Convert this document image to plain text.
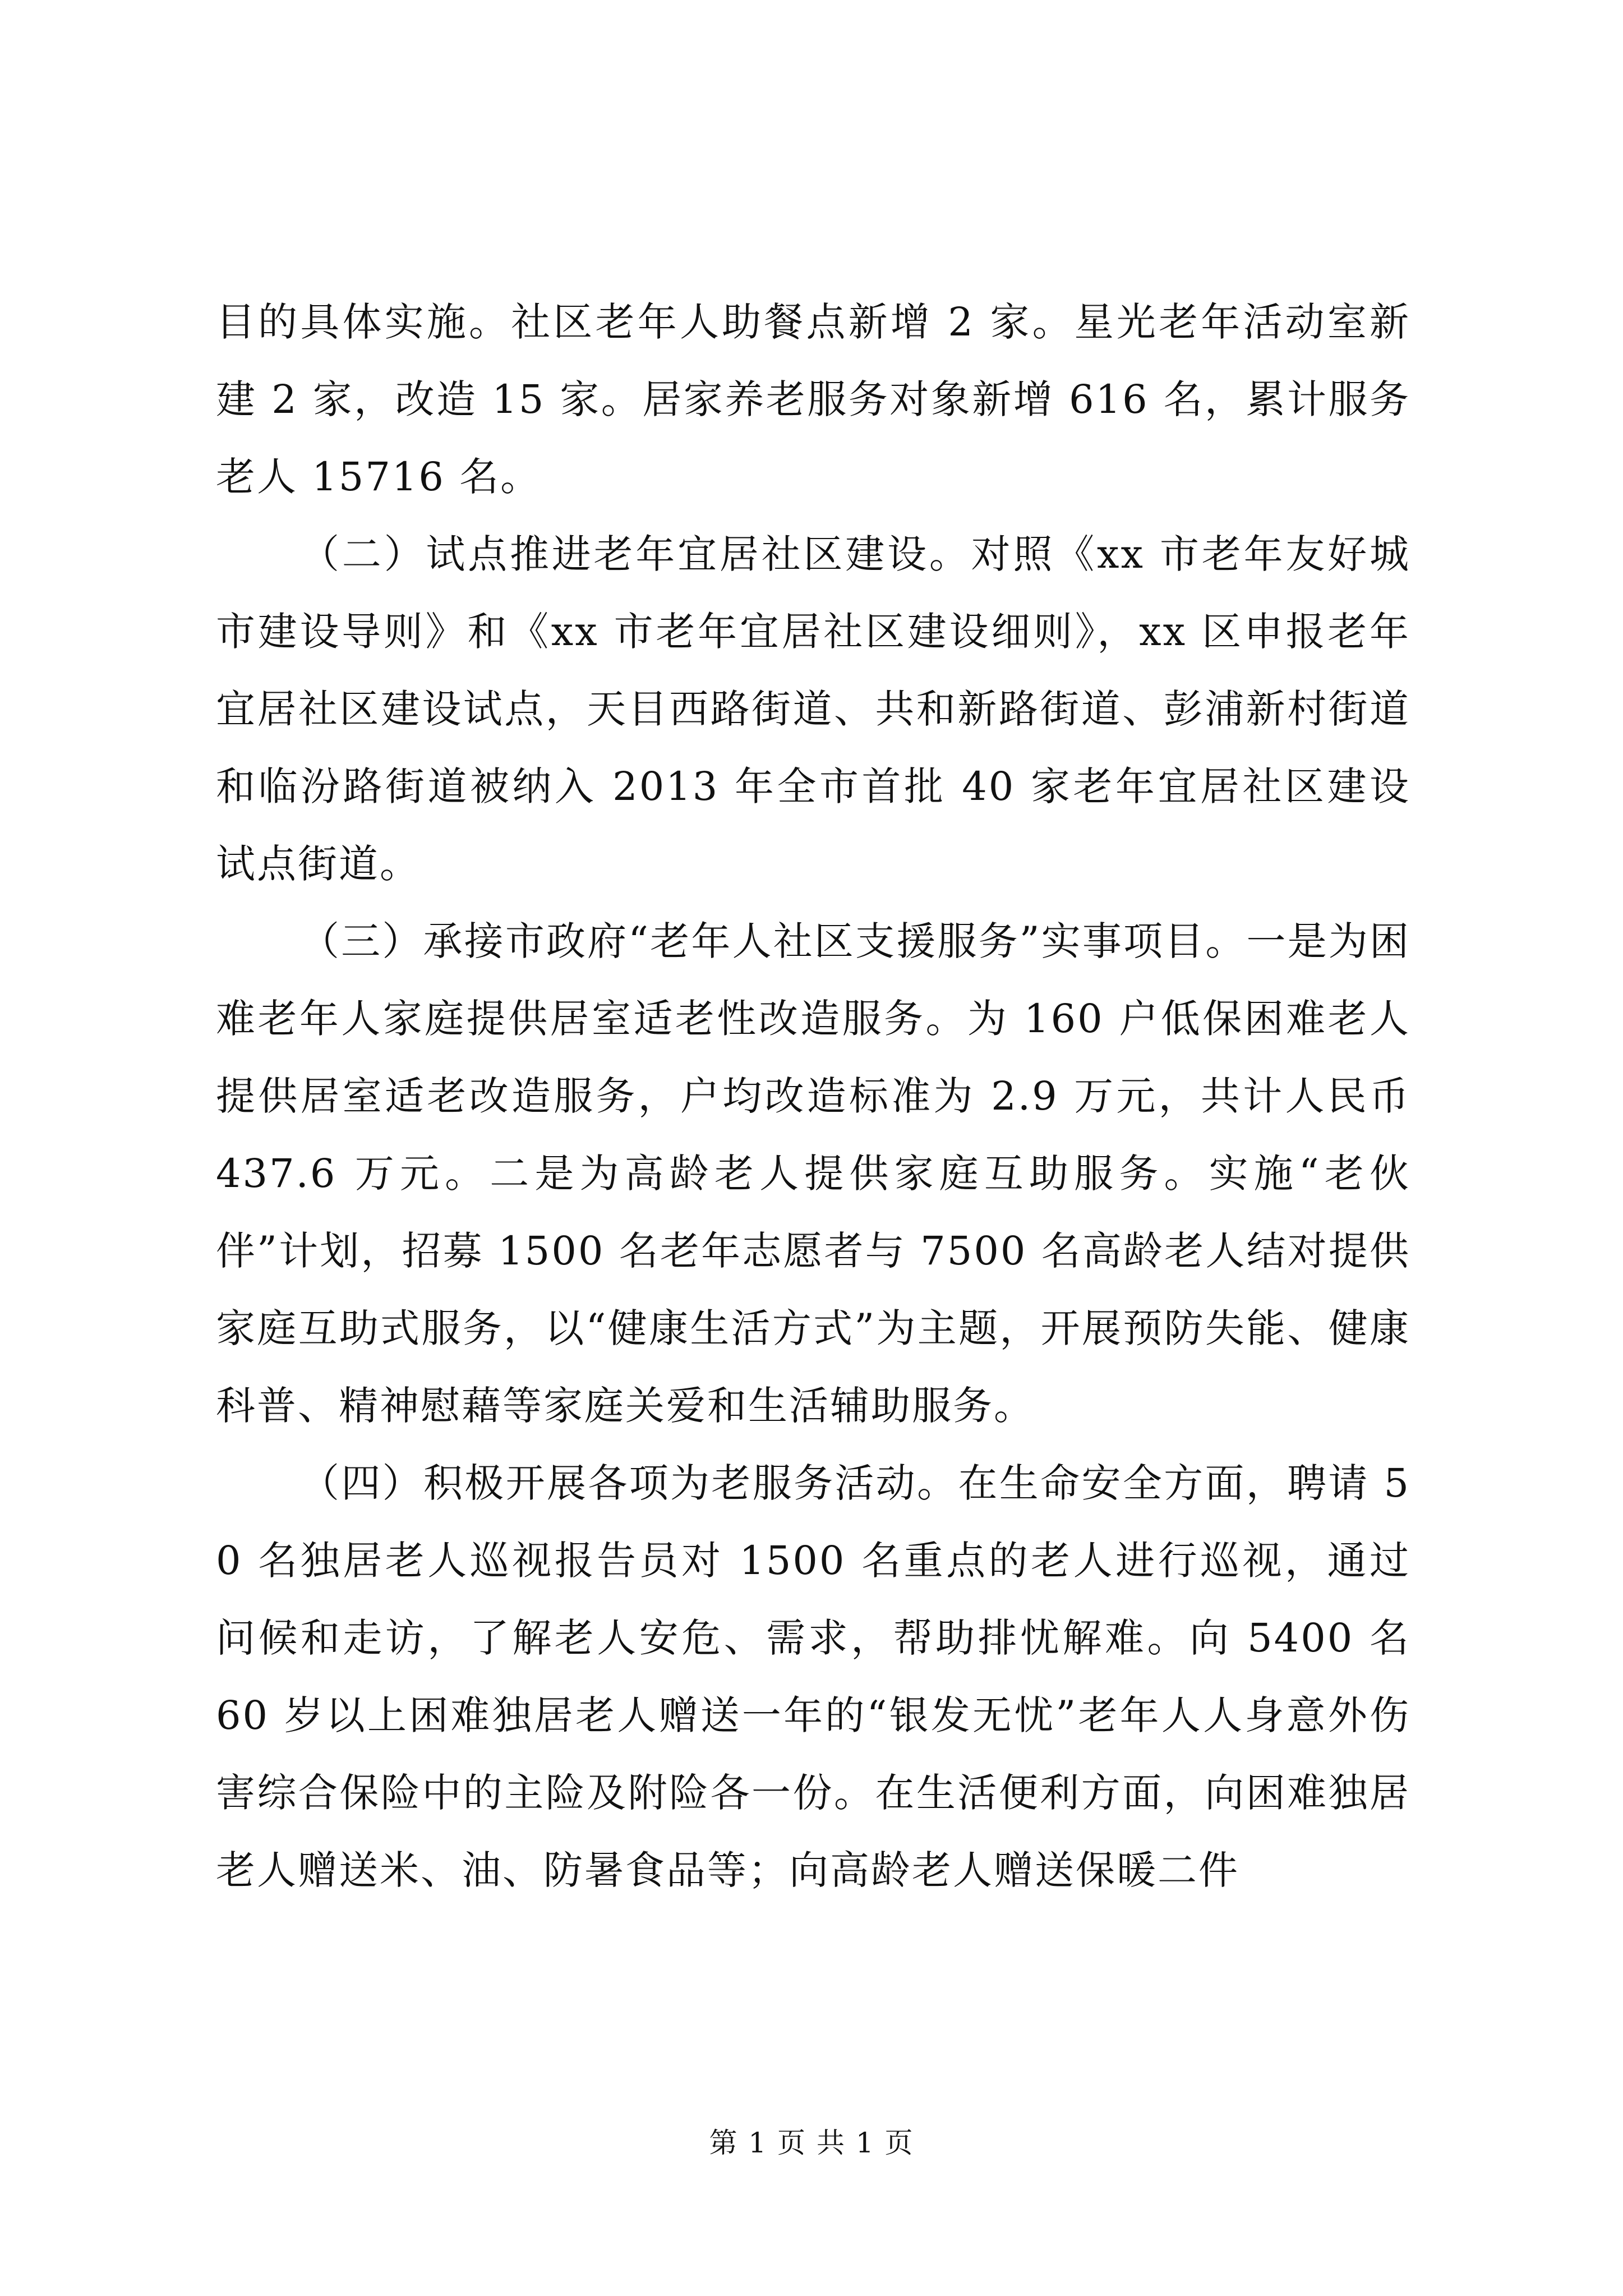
目的具体实施。社区老年人助餐点新增 2 家。星光老年活动室新建 2 家，改造 15 家。居家养老服务对象新增 616 名，累计服务老人 15716 名。

（二）试点推进老年宜居社区建设。对照《xx 市老年友好城市建设导则》和《xx 市老年宜居社区建设细则》，xx 区申报老年宜居社区建设试点，天目西路街道、共和新路街道、彭浦新村街道和临汾路街道被纳入 2013 年全市首批 40 家老年宜居社区建设试点街道。

（三）承接市政府“老年人社区支援服务”实事项目。一是为困难老年人家庭提供居室适老性改造服务。为 160 户低保困难老人提供居室适老改造服务，户均改造标准为 2.9 万元，共计人民币 437.6 万元。二是为高龄老人提供家庭互助服务。实施“老伙伴”计划，招募 1500 名老年志愿者与 7500 名高龄老人结对提供家庭互助式服务，以“健康生活方式”为主题，开展预防失能、健康科普、精神慰藉等家庭关爱和生活辅助服务。

（四）积极开展各项为老服务活动。在生命安全方面，聘请 50 名独居老人巡视报告员对 1500 名重点的老人进行巡视，通过问候和走访，了解老人安危、需求，帮助排忧解难。向 5400 名 60 岁以上困难独居老人赠送一年的“银发无忧”老年人人身意外伤害综合保险中的主险及附险各一份。在生活便利方面，向困难独居老人赠送米、油、防暑食品等；向高龄老人赠送保暖二件

第 1 页 共 1 页
